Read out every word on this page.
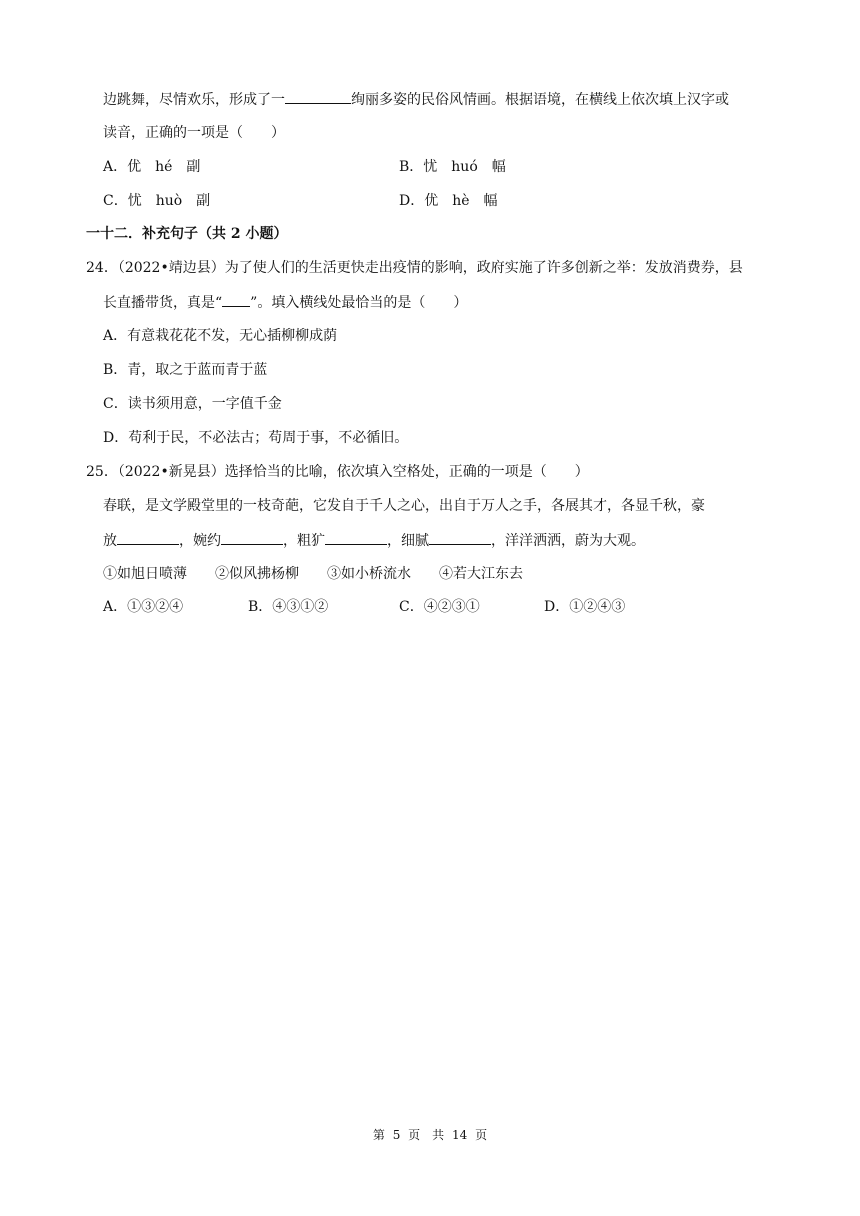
边跳舞，尽情欢乐，形成了一	绚丽多姿的民俗风情画。根据语境，在横线上依次填上汉字或
读音，正确的一项是（　　）
A．优　hé　副	B．忧　huó　幅
C．忧　huò　副	D．优　hè　幅
一十二．补充句子（共 2 小题）
24．（2022•靖边县）为了使人们的生活更快走出疫情的影响，政府实施了许多创新之举：发放消费券，县
长直播带货，真是“ ”。填入横线处最恰当的是（　　）
A．有意栽花花不发，无心插柳柳成荫
B．青，取之于蓝而青于蓝
C．读书须用意，一字值千金
D．苟利于民，不必法古；苟周于事，不必循旧。
25．（2022•新晃县）选择恰当的比喻，依次填入空格处，正确的一项是（　　）
春联，是文学殿堂里的一枝奇葩，它发自于千人之心，出自于万人之手，各展其才，各显千秋，豪
放	，婉约	，粗犷	，细腻	，洋洋洒洒，蔚为大观。
①如旭日喷薄　　②似风拂杨柳　　③如小桥流水　　④若大江东去
A．①③②④	B．④③①②	C．④②③①	D．①②④③
第 5 页　共 14 页
